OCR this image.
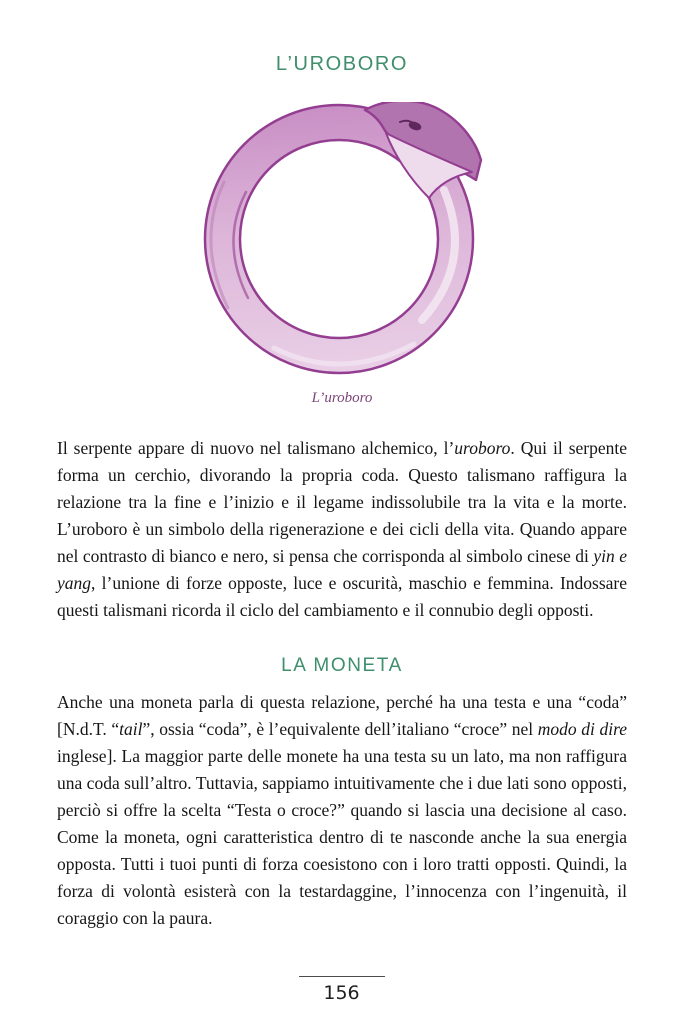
L’UROBORO
L’uroboro

Il serpente appare di nuovo nel talismano alchemico, l’uroboro. Qui il serpente forma un cerchio, divorando la propria coda. Questo talismano raffigura la relazione tra la fine e l’inizio e il legame indissolubile tra la vita e la morte. L’uroboro è un simbolo della rigenerazione e dei cicli della vita. Quando appare nel contrasto di bianco e nero, si pensa che corrisponda al simbolo cinese di yin e yang, l’unione di forze opposte, luce e oscurità, maschio e femmina. Indossare questi talismani ricorda il ciclo del cambiamento e il connubio degli opposti.

LA MONETA

Anche una moneta parla di questa relazione, perché ha una testa e una “coda” [N.d.T. “tail”, ossia “coda”, è l’equivalente dell’italiano “croce” nel modo di dire inglese]. La maggior parte delle monete ha una testa su un lato, ma non raffigura una coda sull’altro. Tuttavia, sappiamo intuitivamente che i due lati sono opposti, perciò si offre la scelta “Testa o croce?” quando si lascia una decisione al caso. Come la moneta, ogni caratteristica dentro di te nasconde anche la sua energia opposta. Tutti i tuoi punti di forza coesistono con i loro tratti opposti. Quindi, la forza di volontà esisterà con la testardaggine, l’innocenza con l’ingenuità, il coraggio con la paura.

156
